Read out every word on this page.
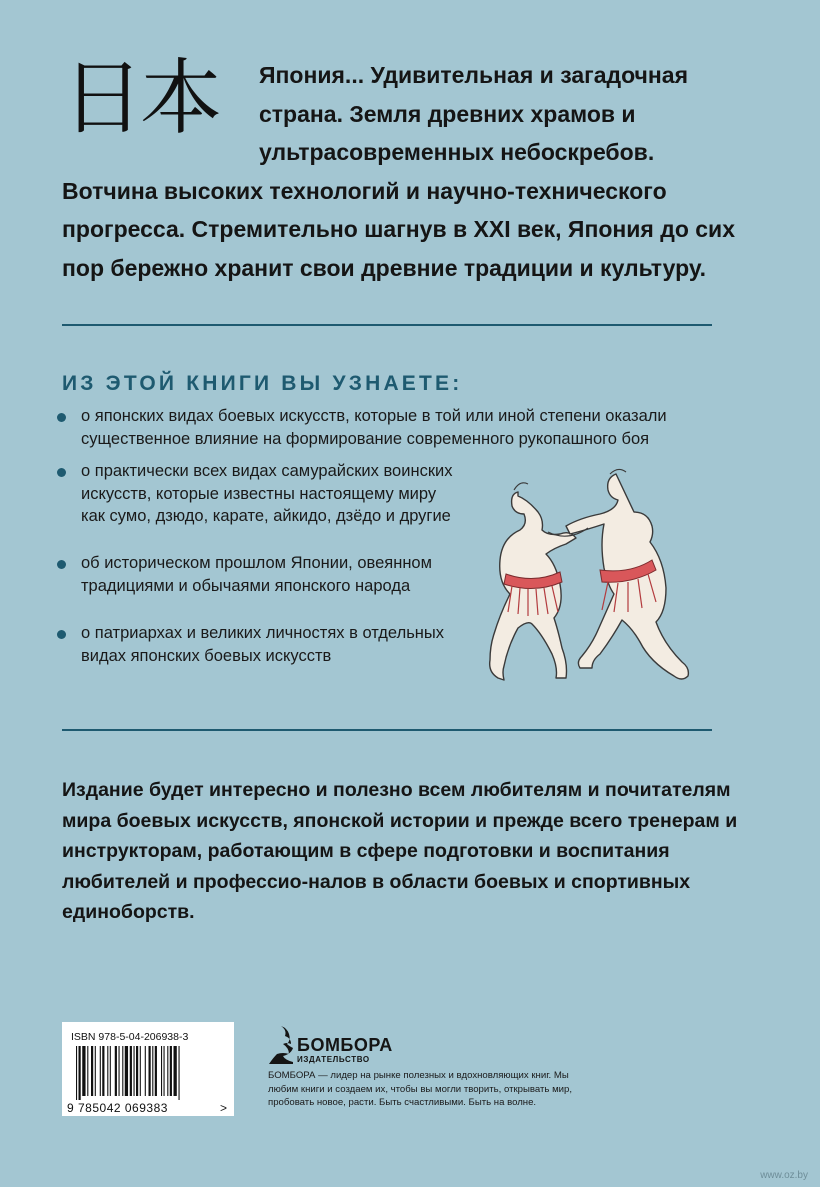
日本 Япония... Удивительная и загадочная страна. Земля древних храмов и ультрасовременных небоскребов.
Вотчина высоких технологий и научно-технического прогресса. Стремительно шагнув в XXI век, Япония до сих пор бережно хранит свои древние традиции и культуру.
ИЗ ЭТОЙ КНИГИ ВЫ УЗНАЕТЕ:
о японских видах боевых искусств, которые в той или иной степени оказали существенное влияние на формирование современного рукопашного боя
о практически всех видах самурайских воинских искусств, которые известны настоящему миру как сумо, дзюдо, карате, айкидо, дзёдо и другие
об историческом прошлом Японии, овеянном традициями и обычаями японского народа
о патриархах и великих личностях в отдельных видах японских боевых искусств
Издание будет интересно и полезно всем любителям и почитателям мира боевых искусств, японской истории и прежде всего тренерам и инструкторам, работающим в сфере подготовки и воспитания любителей и профессио-налов в области боевых и спортивных единоборств.
ISBN 978-5-04-206938-3
9 785042 069383	>
БОМБОРА
ИЗДАТЕЛЬСТВО
БОМБОРА — лидер на рынке полезных и вдохновляющих книг. Мы любим книги и создаем их, чтобы вы могли творить, открывать мир, пробовать новое, расти. Быть счастливыми. Быть на волне.
www.oz.by
